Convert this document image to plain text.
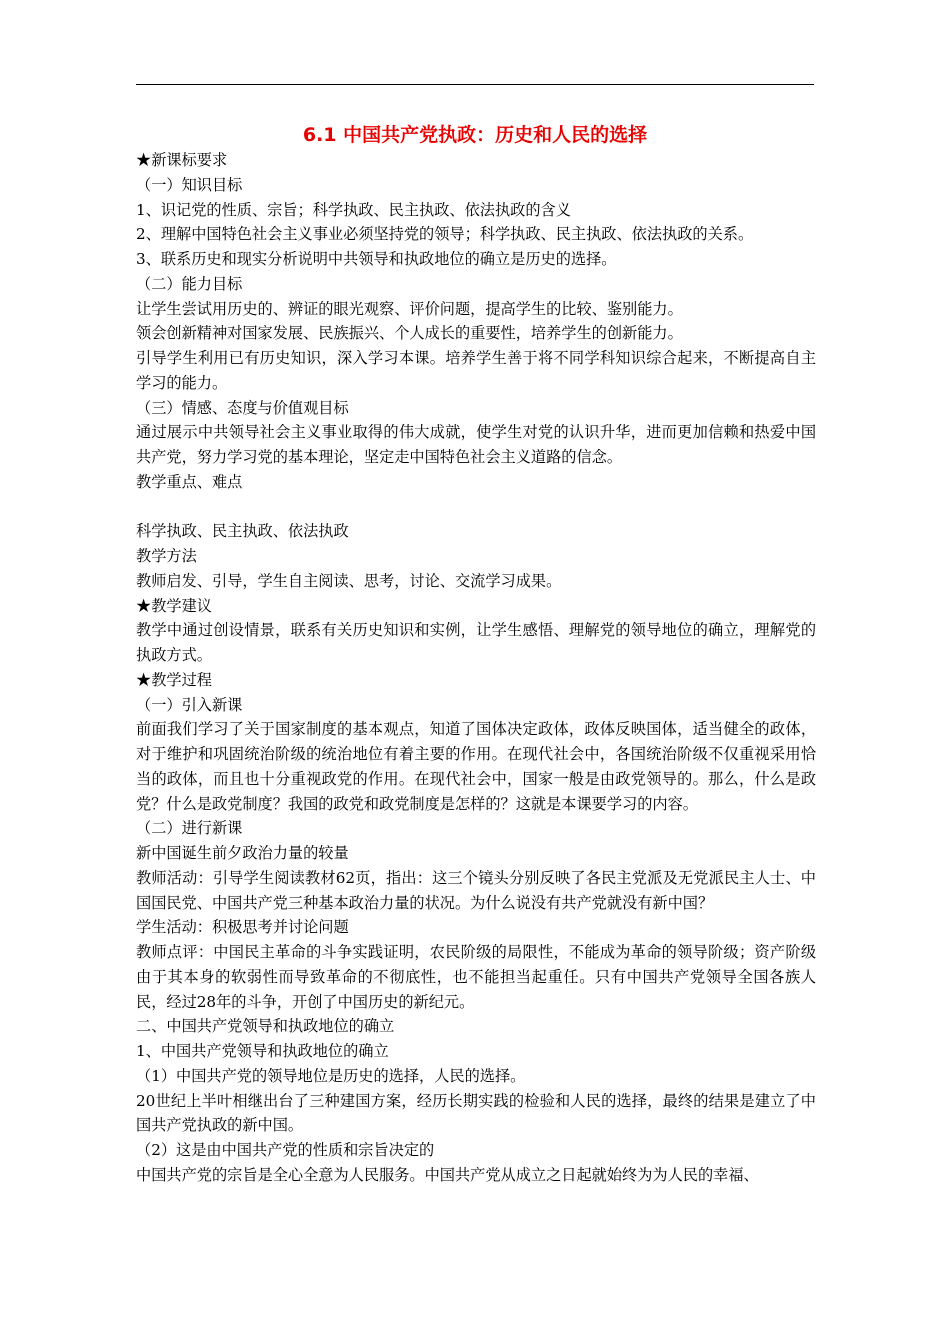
6.1 中国共产党执政：历史和人民的选择

★新课标要求

（一）知识目标

1、识记党的性质、宗旨；科学执政、民主执政、依法执政的含义

2、理解中国特色社会主义事业必须坚持党的领导；科学执政、民主执政、依法执政的关系。

3、联系历史和现实分析说明中共领导和执政地位的确立是历史的选择。

（二）能力目标

让学生尝试用历史的、辨证的眼光观察、评价问题，提高学生的比较、鉴别能力。

领会创新精神对国家发展、民族振兴、个人成长的重要性，培养学生的创新能力。

引导学生利用已有历史知识，深入学习本课。培养学生善于将不同学科知识综合起来，不断提高自主学习的能力。

（三）情感、态度与价值观目标

通过展示中共领导社会主义事业取得的伟大成就，使学生对党的认识升华，进而更加信赖和热爱中国共产党，努力学习党的基本理论，坚定走中国特色社会主义道路的信念。

教学重点、难点

科学执政、民主执政、依法执政

教学方法

教师启发、引导，学生自主阅读、思考，讨论、交流学习成果。

★教学建议

教学中通过创设情景，联系有关历史知识和实例，让学生感悟、理解党的领导地位的确立，理解党的执政方式。

★教学过程

（一）引入新课

前面我们学习了关于国家制度的基本观点，知道了国体决定政体，政体反映国体，适当健全的政体，对于维护和巩固统治阶级的统治地位有着主要的作用。在现代社会中，各国统治阶级不仅重视采用恰当的政体，而且也十分重视政党的作用。在现代社会中，国家一般是由政党领导的。那么，什么是政党？什么是政党制度？我国的政党和政党制度是怎样的？这就是本课要学习的内容。

（二）进行新课

新中国诞生前夕政治力量的较量

教师活动：引导学生阅读教材62页，指出：这三个镜头分别反映了各民主党派及无党派民主人士、中国国民党、中国共产党三种基本政治力量的状况。为什么说没有共产党就没有新中国？

学生活动：积极思考并讨论问题

教师点评：中国民主革命的斗争实践证明，农民阶级的局限性，不能成为革命的领导阶级；资产阶级由于其本身的软弱性而导致革命的不彻底性，也不能担当起重任。只有中国共产党领导全国各族人民，经过28年的斗争，开创了中国历史的新纪元。

二、中国共产党领导和执政地位的确立

1、中国共产党领导和执政地位的确立

（1）中国共产党的领导地位是历史的选择，人民的选择。

20世纪上半叶相继出台了三种建国方案，经历长期实践的检验和人民的选择，最终的结果是建立了中国共产党执政的新中国。

（2）这是由中国共产党的性质和宗旨决定的

中国共产党的宗旨是全心全意为人民服务。中国共产党从成立之日起就始终为为人民的幸福、
